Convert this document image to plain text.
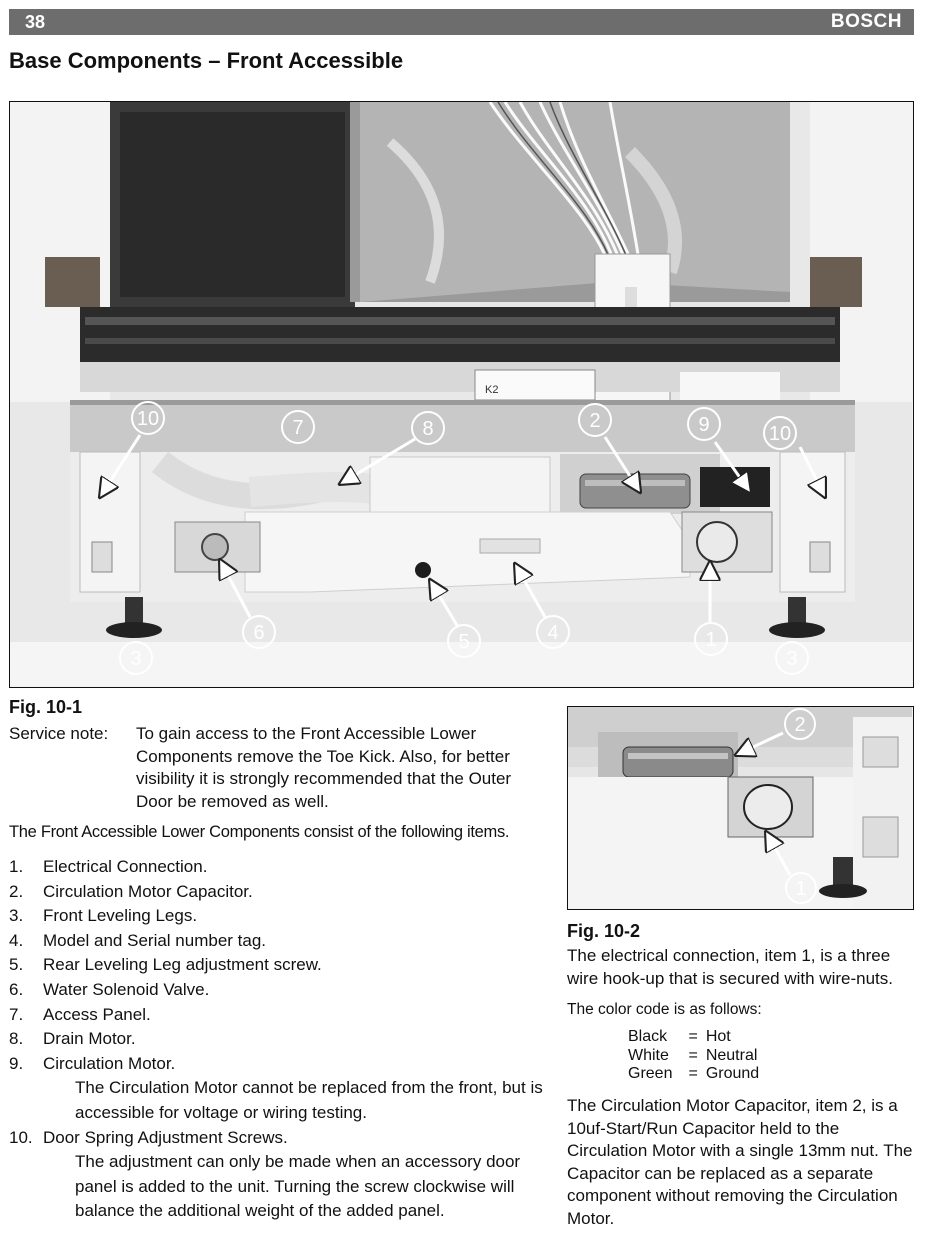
38	BOSCH
Base Components – Front Accessible
K2
10	7	8	2	9	10
6	5	4	1
3	3
Fig. 10-1
2
1
Fig. 10-2
Service note: To gain access to the Front Accessible Lower Components remove the Toe Kick. Also, for better visibility it is strongly recommended that the Outer Door be removed as well.
The Front Accessible Lower Components consist of the following items.
1. Electrical Connection.
2. Circulation Motor Capacitor.
3. Front Leveling Legs.
4. Model and Serial number tag.
5. Rear Leveling Leg adjustment screw.
6. Water Solenoid Valve.
7. Access Panel.
8. Drain Motor.
9. Circulation Motor.
The Circulation Motor cannot be replaced from the front, but is accessible for voltage or wiring testing.
10. Door Spring Adjustment Screws.
The adjustment can only be made when an accessory door panel is added to the unit. Turning the screw clockwise will balance the additional weight of the added panel.
The electrical connection, item 1, is a three wire hook-up that is secured with wire-nuts.
The color code is as follows:
Black	=	Hot
White	=	Neutral
Green	=	Ground
The Circulation Motor Capacitor, item 2, is a 10uf-Start/Run Capacitor held to the Circulation Motor with a single 13mm nut. The Capacitor can be replaced as a separate component without removing the Circulation Motor.
